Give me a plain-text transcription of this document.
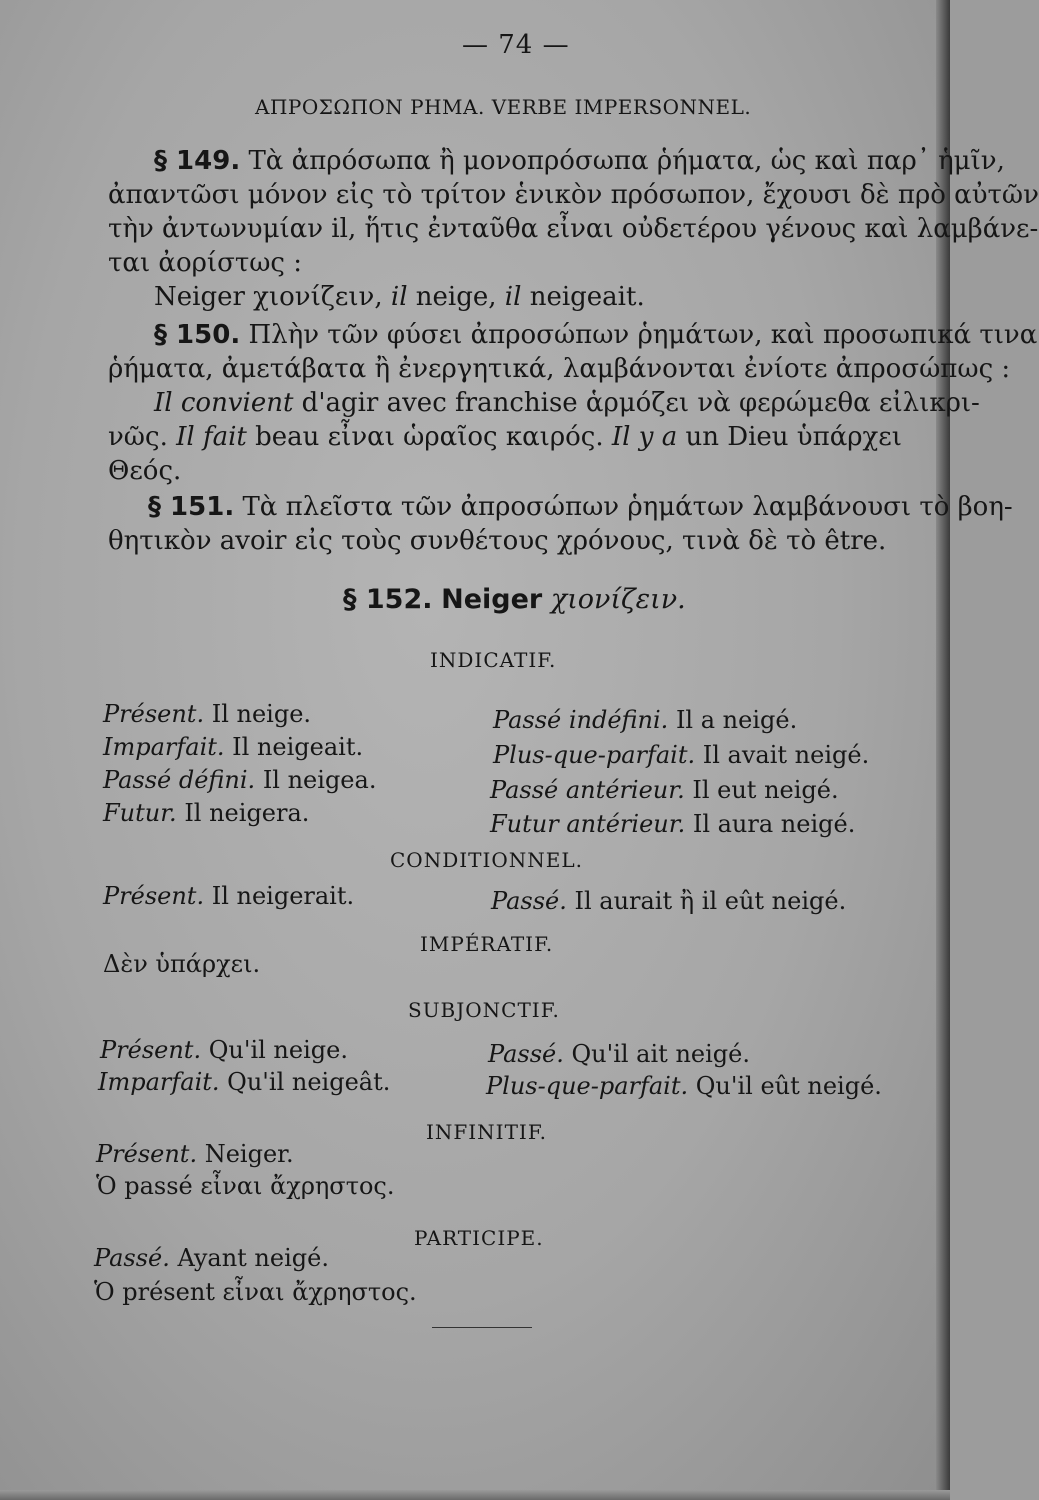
— 74 —
ΑΠΡΟΣΩΠΟΝ ΡΗΜΑ. VERBE IMPERSONNEL.
§ 149. Τὰ ἀπρόσωπα ἢ μονοπρόσωπα ῥήματα, ὡς καὶ παρ᾽ ἡμῖν,
ἀπαντῶσι μόνον εἰς τὸ τρίτον ἑνικὸν πρόσωπον, ἔχουσι δὲ πρὸ αὐτῶν
τὴν ἀντωνυμίαν il, ἥτις ἐνταῦθα εἶναι οὐδετέρου γένους καὶ λαμβάνε-
ται ἀορίστως :
Neiger χιονίζειν, il neige, il neigeait.
§ 150. Πλὴν τῶν φύσει ἀπροσώπων ῥημάτων, καὶ προσωπικά τινα
ῥήματα, ἀμετάβατα ἢ ἐνεργητικά, λαμβάνονται ἐνίοτε ἀπροσώπως :
Il convient d'agir avec franchise ἁρμόζει νὰ φερώμεθα εἰλικρι-
νῶς. Il fait beau εἶναι ὡραῖος καιρός. Il y a un Dieu ὑπάρχει
Θεός.
§ 151. Τὰ πλεῖστα τῶν ἀπροσώπων ῥημάτων λαμβάνουσι τὸ βοη-
θητικὸν avoir εἰς τοὺς συνθέτους χρόνους, τινὰ δὲ τὸ être.
§ 152. Neiger χιονίζειν.
INDICATIF.
Présent. Il neige.
Imparfait. Il neigeait.
Passé défini. Il neigea.
Futur. Il neigera.
Passé indéfini. Il a neigé.
Plus-que-parfait. Il avait neigé.
Passé antérieur. Il eut neigé.
Futur antérieur. Il aura neigé.
CONDITIONNEL.
Présent. Il neigerait.	Passé. Il aurait ἢ il eût neigé.
IMPÉRATIF.
Δὲν ὑπάρχει.
SUBJONCTIF.
Présent. Qu'il neige.
Imparfait. Qu'il neigeât.
Passé. Qu'il ait neigé.
Plus-que-parfait. Qu'il eût neigé.
INFINITIF.
Présent. Neiger.
Ὁ passé εἶναι ἄχρηστος.
PARTICIPE.
Passé. Ayant neigé.
Ὁ présent εἶναι ἄχρηστος.
